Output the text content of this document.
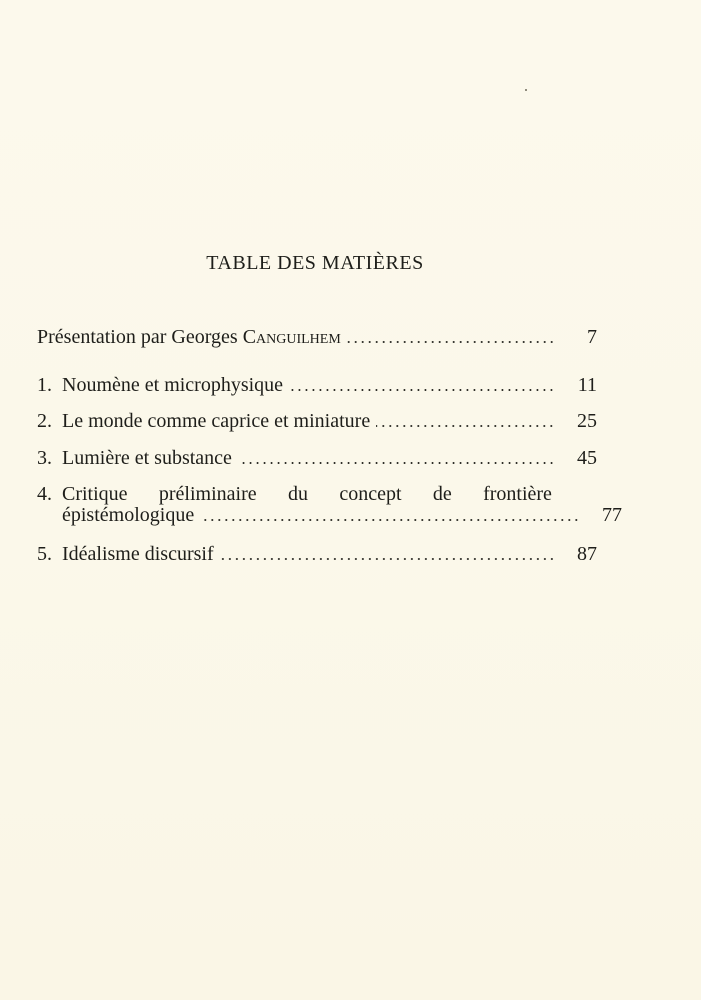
TABLE DES MATIÈRES
Présentation par Georges Canguilhem	7
1. Noumène et microphysique	11
2. Le monde comme caprice et miniature	25
3. Lumière et substance	45
4. Critique préliminaire du concept de frontière
épistémologique	77
5. Idéalisme discursif	87
